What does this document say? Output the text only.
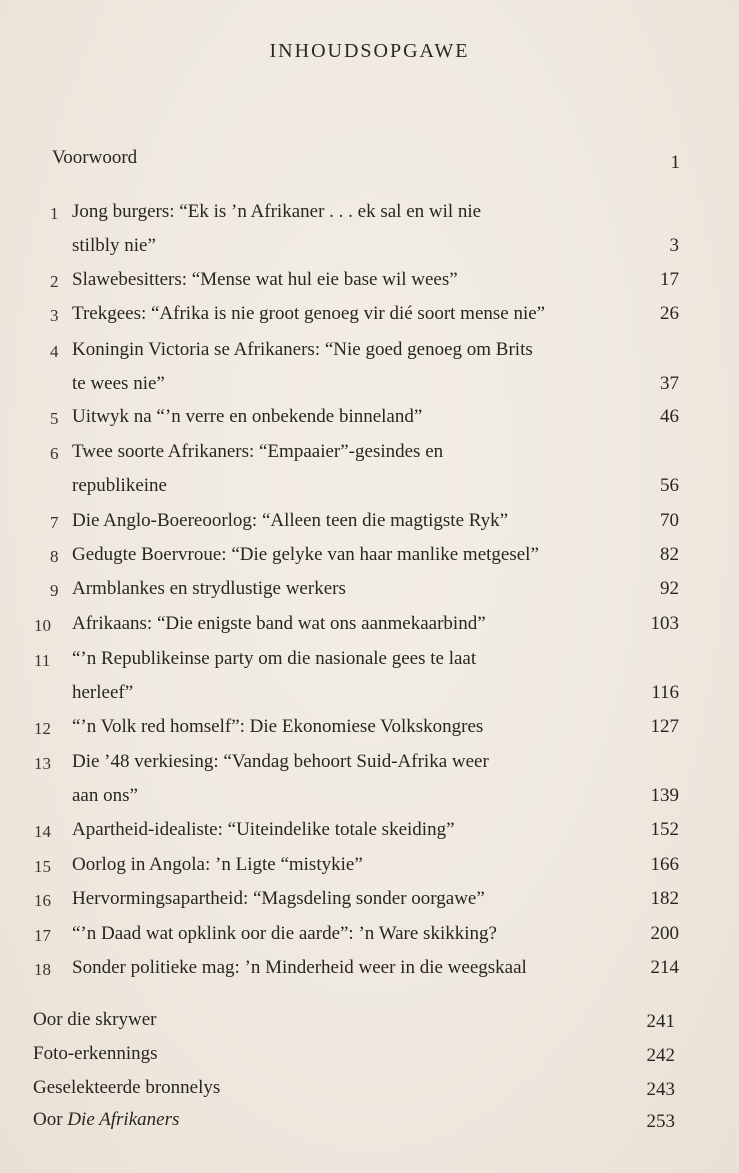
INHOUDSOPGAWE
Voorwoord	1
1 Jong burgers: “Ek is ’n Afrikaner . . . ek sal en wil nie
stilbly nie”	3
2 Slawebesitters: “Mense wat hul eie base wil wees”	17
3 Trekgees: “Afrika is nie groot genoeg vir dié soort mense nie”	26
4 Koningin Victoria se Afrikaners: “Nie goed genoeg om Brits
te wees nie”	37
5 Uitwyk na “’n verre en onbekende binneland”	46
6 Twee soorte Afrikaners: “Empaaier”-gesindes en
republikeine	56
7 Die Anglo-Boereoorlog: “Alleen teen die magtigste Ryk”	70
8 Gedugte Boervroue: “Die gelyke van haar manlike metgesel”	82
9 Armblankes en strydlustige werkers	92
10 Afrikaans: “Die enigste band wat ons aanmekaarbind”	103
11 “’n Republikeinse party om die nasionale gees te laat
herleef”	116
12 “’n Volk red homself”: Die Ekonomiese Volkskongres	127
13 Die ’48 verkiesing: “Vandag behoort Suid-Afrika weer
aan ons”	139
14 Apartheid-idealiste: “Uiteindelike totale skeiding”	152
15 Oorlog in Angola: ’n Ligte “mistykie”	166
16 Hervormingsapartheid: “Magsdeling sonder oorgawe”	182
17 “’n Daad wat opklink oor die aarde”: ’n Ware skikking?	200
18 Sonder politieke mag: ’n Minderheid weer in die weegskaal	214
Oor die skrywer	241
Foto-erkennings	242
Geselekteerde bronnelys	243
Oor Die Afrikaners	253
